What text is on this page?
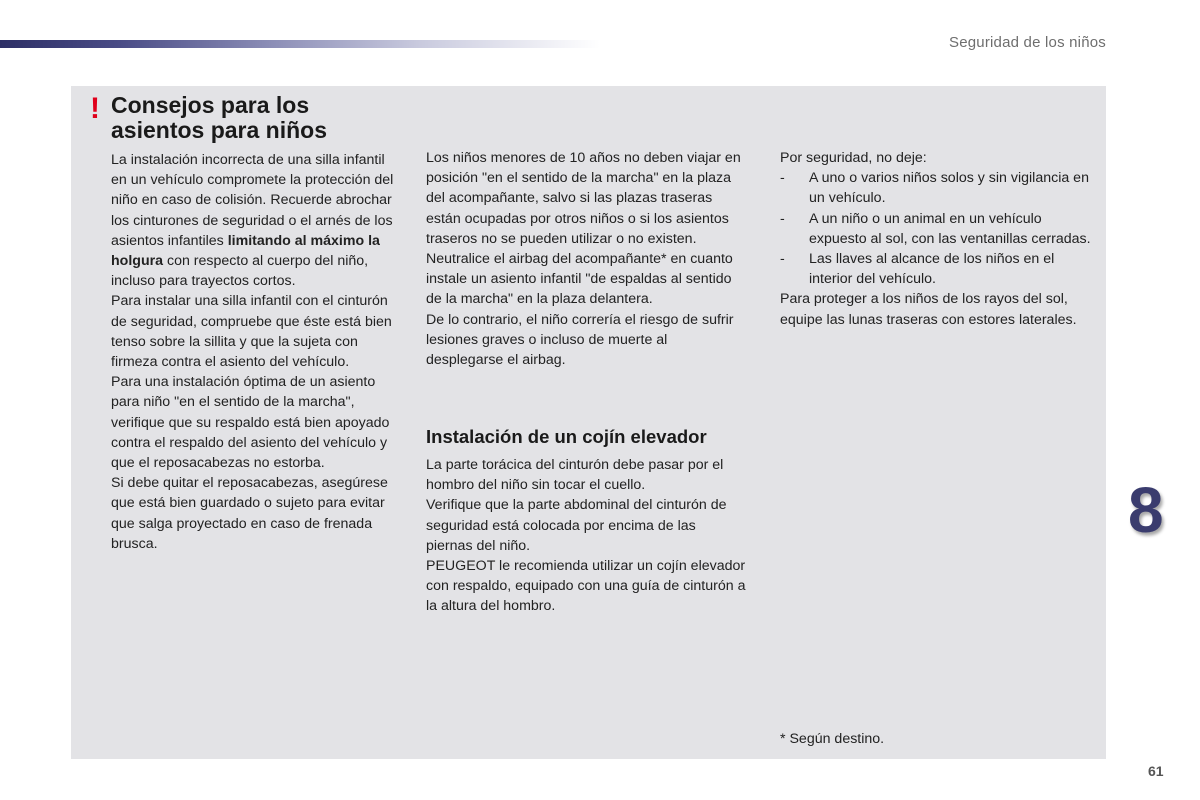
Seguridad de los niños
! Consejos para los
asientos para niños

La instalación incorrecta de una silla infantil en un vehículo compromete la protección del niño en caso de colisión. Recuerde abrochar los cinturones de seguridad o el arnés de los asientos infantiles limitando al máximo la holgura con respecto al cuerpo del niño, incluso para trayectos cortos.

Para instalar una silla infantil con el cinturón de seguridad, compruebe que éste está bien tenso sobre la sillita y que la sujeta con firmeza contra el asiento del vehículo.

Para una instalación óptima de un asiento para niño "en el sentido de la marcha", verifique que su respaldo está bien apoyado contra el respaldo del asiento del vehículo y que el reposacabezas no estorba.

Si debe quitar el reposacabezas, asegúrese que está bien guardado o sujeto para evitar que salga proyectado en caso de frenada brusca.

Los niños menores de 10 años no deben viajar en posición "en el sentido de la marcha" en la plaza del acompañante, salvo si las plazas traseras están ocupadas por otros niños o si los asientos traseros no se pueden utilizar o no existen.

Neutralice el airbag del acompañante* en cuanto instale un asiento infantil "de espaldas al sentido de la marcha" en la plaza delantera.

De lo contrario, el niño correría el riesgo de sufrir lesiones graves o incluso de muerte al desplegarse el airbag.

Instalación de un cojín elevador

La parte torácica del cinturón debe pasar por el hombro del niño sin tocar el cuello.

Verifique que la parte abdominal del cinturón de seguridad está colocada por encima de las piernas del niño.

PEUGEOT le recomienda utilizar un cojín elevador con respaldo, equipado con una guía de cinturón a la altura del hombro.

Por seguridad, no deje:

- A uno o varios niños solos y sin vigilancia en un vehículo.
- A un niño o un animal en un vehículo expuesto al sol, con las ventanillas cerradas.
- Las llaves al alcance de los niños en el interior del vehículo.

Para proteger a los niños de los rayos del sol, equipe las lunas traseras con estores laterales.

* Según destino.
8
61
